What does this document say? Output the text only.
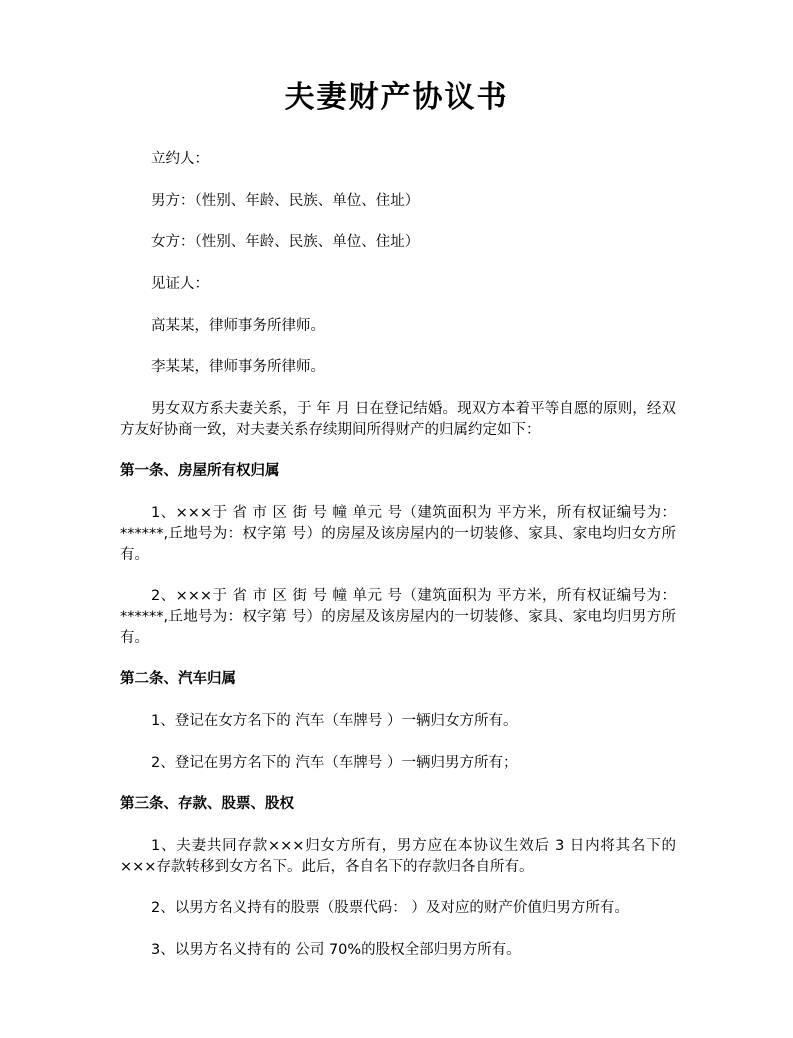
夫妻财产协议书
立约人：
男方：（性别、年龄、民族、单位、住址）
女方：（性别、年龄、民族、单位、住址）
见证人：
高某某，律师事务所律师。
李某某，律师事务所律师。
男女双方系夫妻关系，于 年 月 日在登记结婚。现双方本着平等自愿的原则，经双方友好协商一致，对夫妻关系存续期间所得财产的归属约定如下：
第一条、房屋所有权归属
1、×××于 省 市 区 街 号 幢 单元 号（建筑面积为 平方米，所有权证编号为：******,丘地号为：权字第 号）的房屋及该房屋内的一切装修、家具、家电均归女方所有。
2、×××于 省 市 区 街 号 幢 单元 号（建筑面积为 平方米，所有权证编号为：******,丘地号为：权字第 号）的房屋及该房屋内的一切装修、家具、家电均归男方所有。
第二条、汽车归属
1、登记在女方名下的 汽车（车牌号 ）一辆归女方所有。
2、登记在男方名下的 汽车（车牌号 ）一辆归男方所有；
第三条、存款、股票、股权
1、夫妻共同存款×××归女方所有，男方应在本协议生效后 3 日内将其名下的×××存款转移到女方名下。此后，各自名下的存款归各自所有。
2、以男方名义持有的股票（股票代码： ）及对应的财产价值归男方所有。
3、以男方名义持有的 公司 70%的股权全部归男方所有。
